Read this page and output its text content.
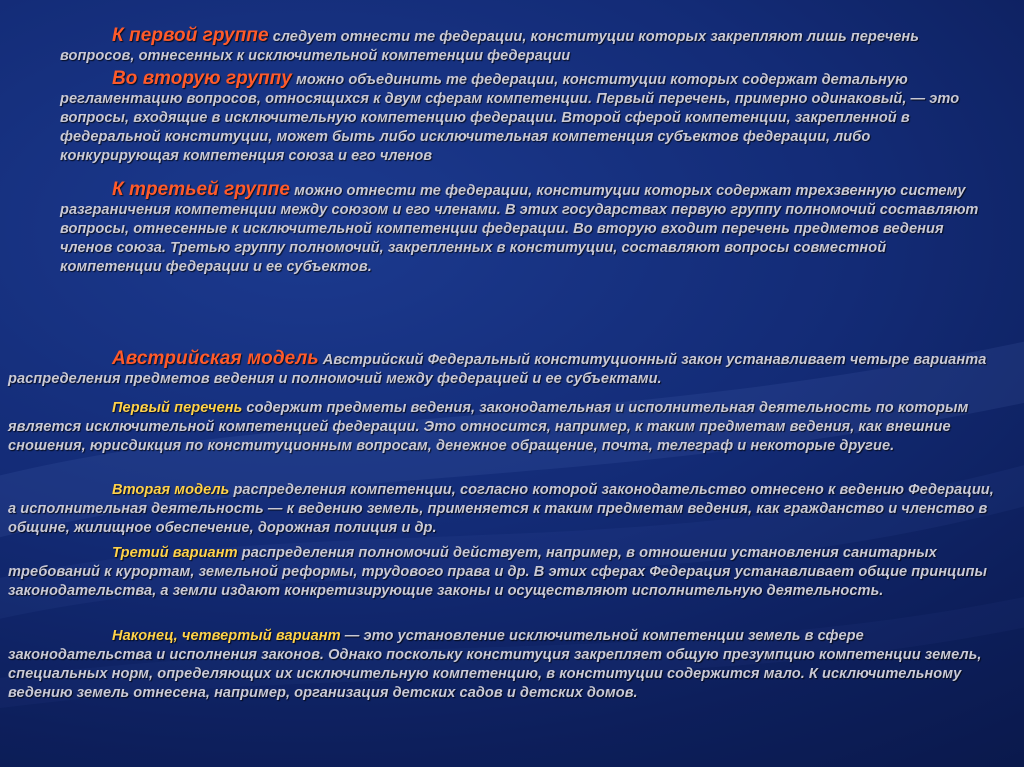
К первой группе следует отнести те федерации, конституции которых закрепляют лишь перечень вопросов, отнесенных к исключительной компетенции федерации

Во вторую группу можно объединить те федерации, конституции которых содержат детальную регламентацию вопросов, относящихся к двум сферам компетенции. Первый перечень, примерно одинаковый, — это вопросы, входящие в исключительную компетенцию федерации. Второй сферой компетенции, закрепленной в федеральной конституции, может быть либо исключительная компетенция субъектов федерации, либо конкурирующая компетенция союза и его членов

К третьей группе можно отнести те федерации, конституции которых содержат трехзвенную систему разграничения компетенции между союзом и его членами. В этих государствах первую группу полномочий составляют вопросы, отнесенные к исключительной компетенции федерации. Во вторую входит перечень предметов ведения членов союза. Третью группу полномочий, закрепленных в конституции, составляют вопросы совместной компетенции федерации и ее субъектов.

Австрийская модель Австрийский Федеральный конституционный закон устанавливает четыре варианта распределения предметов ведения и полномочий между федерацией и ее субъектами.

Первый перечень содержит предметы ведения, законодательная и исполнительная деятельность по которым является исключительной компетенцией федерации. Это относится, например, к таким предметам ведения, как внешние сношения, юрисдикция по конституционным вопросам, денежное обращение, почта, телеграф и некоторые другие.

Вторая модель распределения компетенции, согласно которой законодательство отнесено к ведению Федерации, а исполнительная деятельность — к ведению земель, применяется к таким предметам ведения, как гражданство и членство в общине, жилищное обеспечение, дорожная полиция и др.

Третий вариант распределения полномочий действует, например, в отношении установления санитарных требований к курортам, земельной реформы, трудового права и др. В этих сферах Федерация устанавливает общие принципы законодательства, а земли издают конкретизирующие законы и осуществляют исполнительную деятельность.

Наконец, четвертый вариант — это установление исключительной компетенции земель в сфере законодательства и исполнения законов. Однако поскольку конституция закрепляет общую презумпцию компетенции земель, специальных норм, определяющих их исключительную компетенцию, в конституции содержится мало. К исключительному ведению земель отнесена, например, организация детских садов и детских домов.
